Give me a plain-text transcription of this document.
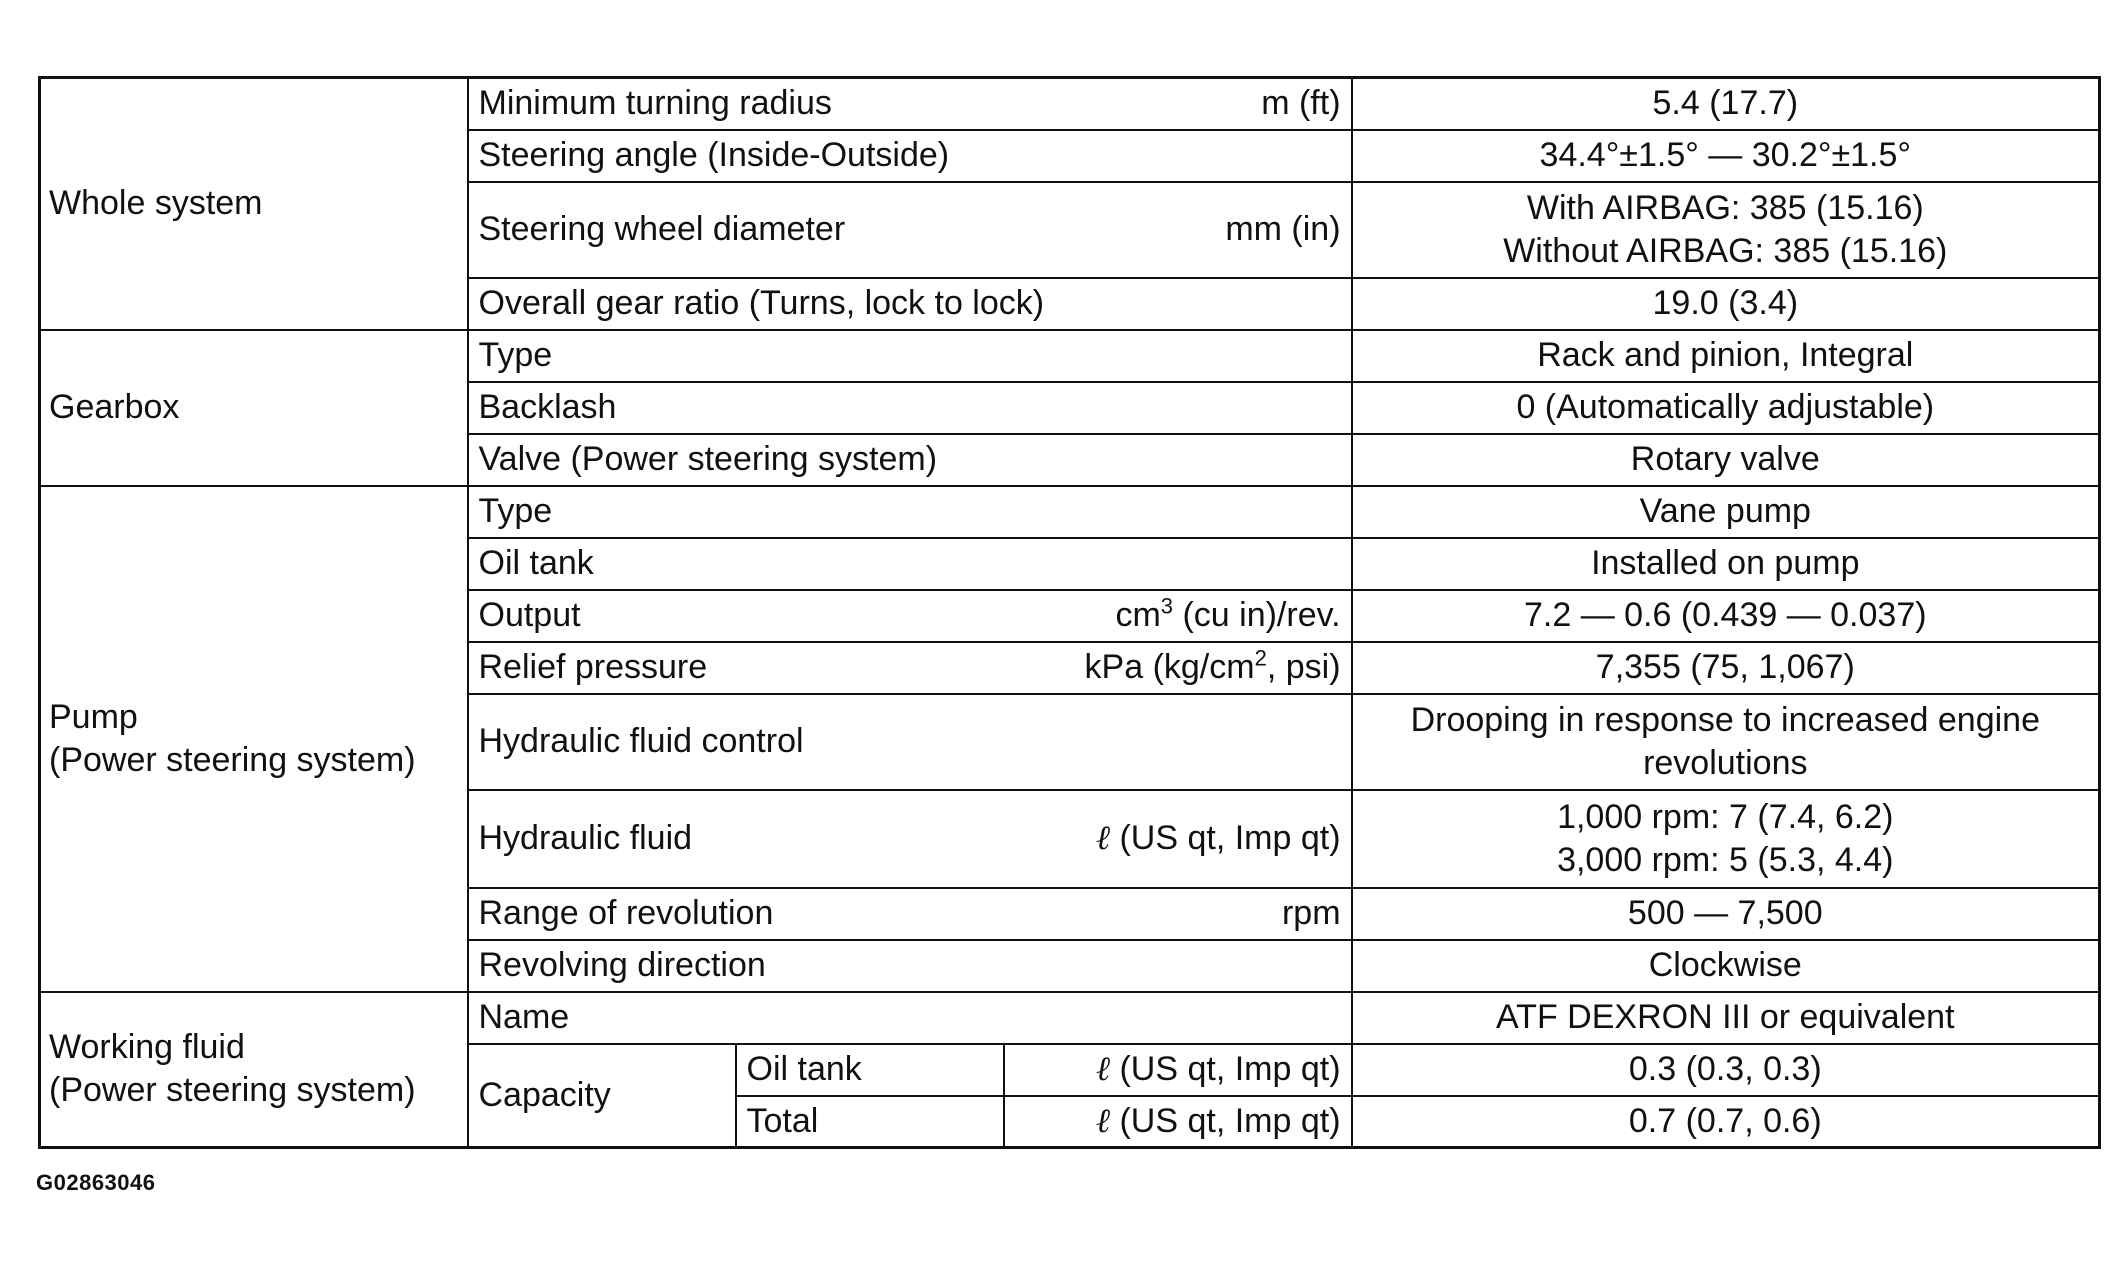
Whole system	Minimum turning radius m (ft)			5.4 (17.7)

	Steering angle (Inside-Outside)			34.4°±1.5° — 30.2°±1.5°

	Steering wheel diameter mm (in)			With AIRBAG: 385 (15.16)
Without AIRBAG: 385 (15.16)

	Overall gear ratio (Turns, lock to lock)			19.0 (3.4)
Gearbox	Type			Rack and pinion, Integral

	Backlash			0 (Automatically adjustable)

	Valve (Power steering system)			Rotary valve

Pump
(Power steering system)	Type			Vane pump

	Oil tank			Installed on pump

	Output $cm^3$ (cu in)/rev.			7.2 — 0.6 (0.439 — 0.037)

	Relief pressure kPa ($kg/cm^2$, psi)			7,355 (75, 1,067)

	Hydraulic fluid control			Drooping in response to increased engine
revolutions

	Hydraulic fluid ℓ (US qt, Imp qt)			1,000 rpm: 7 (7.4, 6.2)
3,000 rpm: 5 (5.3, 4.4)

	Range of revolution rpm			500 — 7,500

	Revolving direction			Clockwise

Working fluid
(Power steering system)	Name			ATF DEXRON III or equivalent
	Capacity	Oil tank	ℓ (US qt, Imp qt)	0.3 (0.3, 0.3)
		Total	ℓ (US qt, Imp qt)	0.7 (0.7, 0.6)
G02863046
